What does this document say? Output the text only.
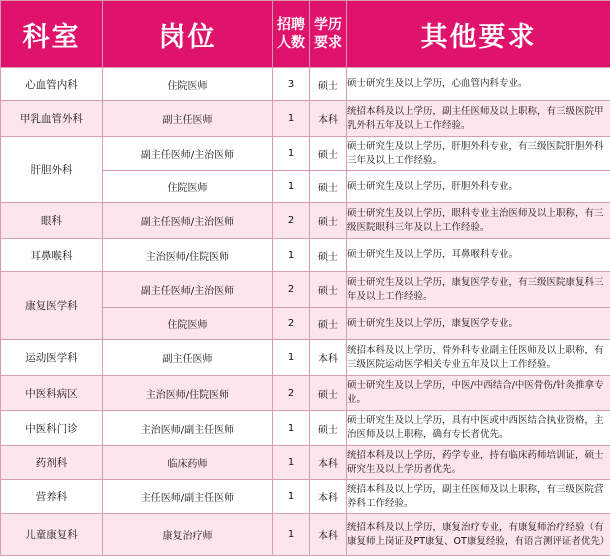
科室	岗位	招聘人数	学历要求	其他要求
心血管内科	住院医师	3	硕士	硕士研究生及以上学历，心血管内科专业。
甲乳血管外科	副主任医师	1	本科	统招本科及以上学历，副主任医师及以上职称，有三级医院甲乳外科五年及以上工作经验。
肝胆外科	副主任医师/主治医师	1	硕士	硕士研究生及以上学历，肝胆外科专业，有三级医院肝胆外科三年及以上工作经验。
	住院医师	1	硕士	硕士研究生及以上学历，肝胆外科专业。
眼科	副主任医师/主治医师	2	硕士	硕士研究生及以上学历，眼科专业主治医师及以上职称，有三级医院眼科三年及以上工作经验。
耳鼻喉科	主治医师/住院医师	1	硕士	硕士研究生及以上学历，耳鼻喉科专业。
康复医学科	副主任医师/主治医师	2	硕士	硕士研究生及以上学历，康复医学专业，有三级医院康复科三年及以上工作经验。
	住院医师	2	硕士	硕士研究生及以上学历，康复医学专业。
运动医学科	副主任医师	1	本科	统招本科及以上学历，骨外科专业副主任医师及以上职称，有三级医院运动医学相关专业五年及以上工作经验。
中医科病区	主治医师/住院医师	2	硕士	硕士研究生及以上学历，中医/中西结合/中医骨伤/针灸推拿专业。
中医科门诊	主治医师/副主任医师	1	硕士	硕士研究生及以上学历，具有中医或中西医结合执业资格，主治医师及以上职称，确有专长者优先。
药剂科	临床药师	1	本科	统招本科及以上学历，药学专业，持有临床药师培训证，硕士研究生及以上学历者优先。
营养科	主任医师/副主任医师	1	本科	统招本科及以上学历，副主任医师及以上职称，有三级医院营养科工作经验。
儿童康复科	康复治疗师	1	本科	统招本科及以上学历，康复治疗专业，有康复师治疗经验（有康复师上岗证及PT康复、OT康复经验，有语言测评证者优先）
